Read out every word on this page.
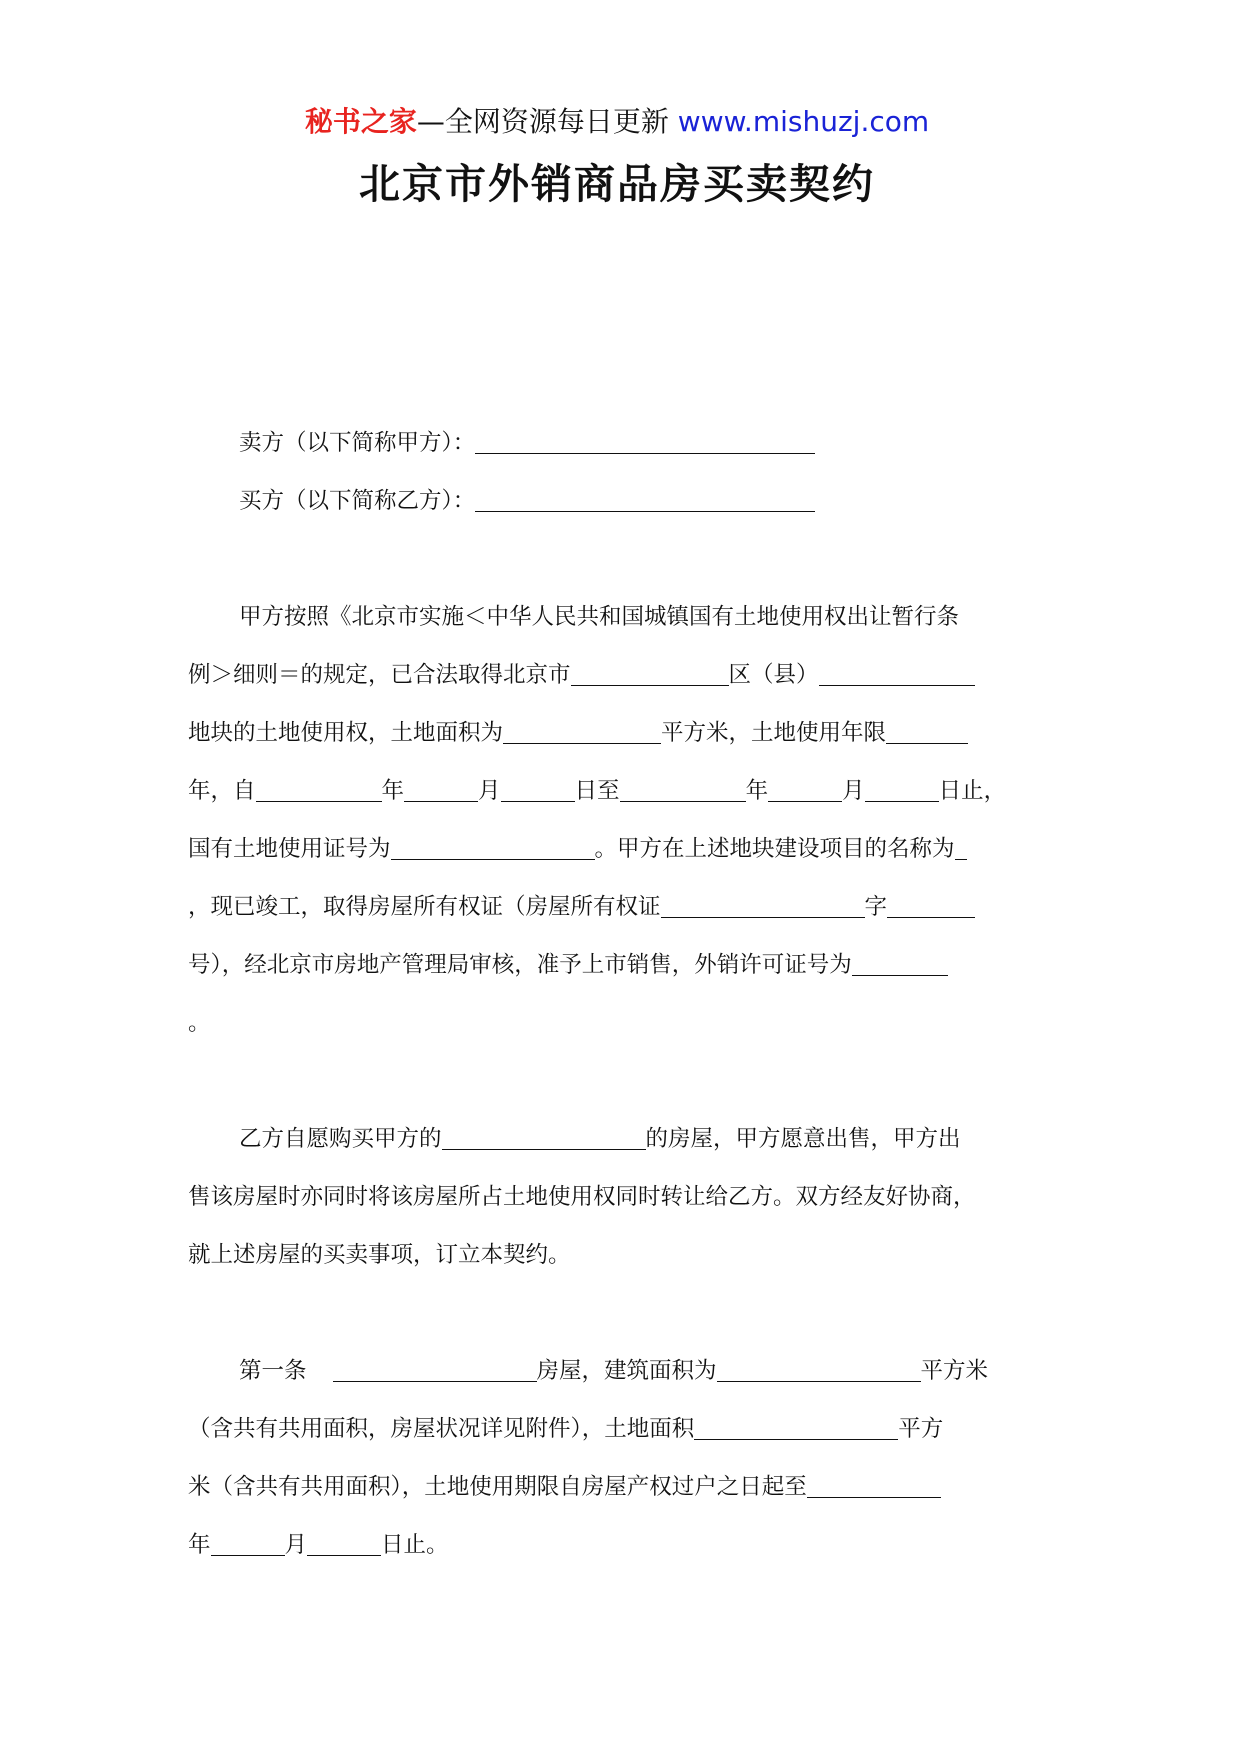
秘书之家—全网资源每日更新 www.mishuzj.com
北京市外销商品房买卖契约
卖方（以下简称甲方）：
买方（以下简称乙方）：
甲方按照《北京市实施＜中华人民共和国城镇国有土地使用权出让暂行条
例＞细则＝的规定，已合法取得北京市	区（县）
地块的土地使用权，土地面积为	平方米，土地使用年限
年，自	年	月	日至	年	月	日止，
国有土地使用证号为	。甲方在上述地块建设项目的名称为
，现已竣工，取得房屋所有权证（房屋所有权证	字
号），经北京市房地产管理局审核，准予上市销售，外销许可证号为
。
乙方自愿购买甲方的	的房屋，甲方愿意出售，甲方出
售该房屋时亦同时将该房屋所占土地使用权同时转让给乙方。双方经友好协商，
就上述房屋的买卖事项，订立本契约。
第一条	房屋，建筑面积为	平方米
（含共有共用面积，房屋状况详见附件），土地面积	平方
米（含共有共用面积），土地使用期限自房屋产权过户之日起至
年	月	日止。
